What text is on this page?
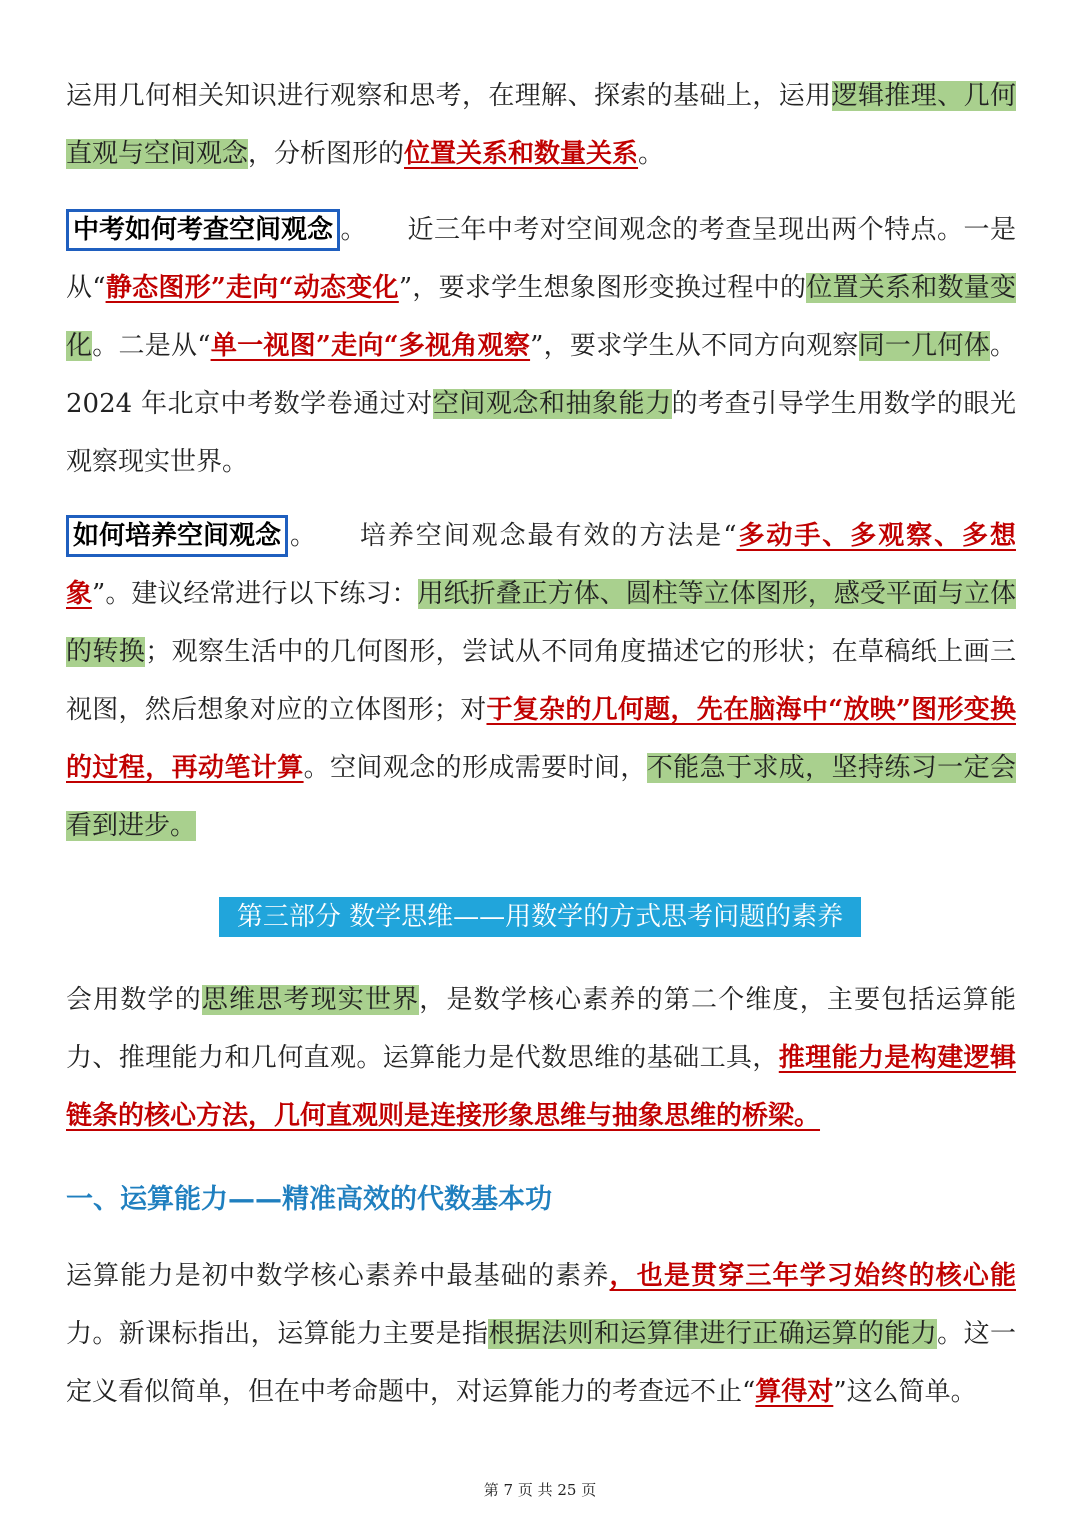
运用几何相关知识进行观察和思考，在理解、探索的基础上，运用逻辑推理、几何直观与空间观念，分析图形的位置关系和数量关系。

中考如何考查空间观念 。 近三年中考对空间观念的考查呈现出两个特点。一是从“静态图形”走向“动态变化”，要求学生想象图形变换过程中的位置关系和数量变化。二是从“单一视图”走向“多视角观察”，要求学生从不同方向观察同一几何体。2024 年北京中考数学卷通过对空间观念和抽象能力的考查引导学生用数学的眼光观察现实世界。

如何培养空间观念 。 培养空间观念最有效的方法是“多动手、多观察、多想象”。建议经常进行以下练习：用纸折叠正方体、圆柱等立体图形，感受平面与立体的转换；观察生活中的几何图形，尝试从不同角度描述它的形状；在草稿纸上画三视图，然后想象对应的立体图形；对于复杂的几何题，先在脑海中“放映”图形变换的过程，再动笔计算。空间观念的形成需要时间，不能急于求成，坚持练习一定会看到进步。

第三部分 数学思维——用数学的方式思考问题的素养

会用数学的思维思考现实世界，是数学核心素养的第二个维度，主要包括运算能力、推理能力和几何直观。运算能力是代数思维的基础工具，推理能力是构建逻辑链条的核心方法，几何直观则是连接形象思维与抽象思维的桥梁。

一、运算能力——精准高效的代数基本功

运算能力是初中数学核心素养中最基础的素养，也是贯穿三年学习始终的核心能力。新课标指出，运算能力主要是指根据法则和运算律进行正确运算的能力。这一定义看似简单，但在中考命题中，对运算能力的考查远不止“算得对”这么简单。

第 7 页 共 25 页
